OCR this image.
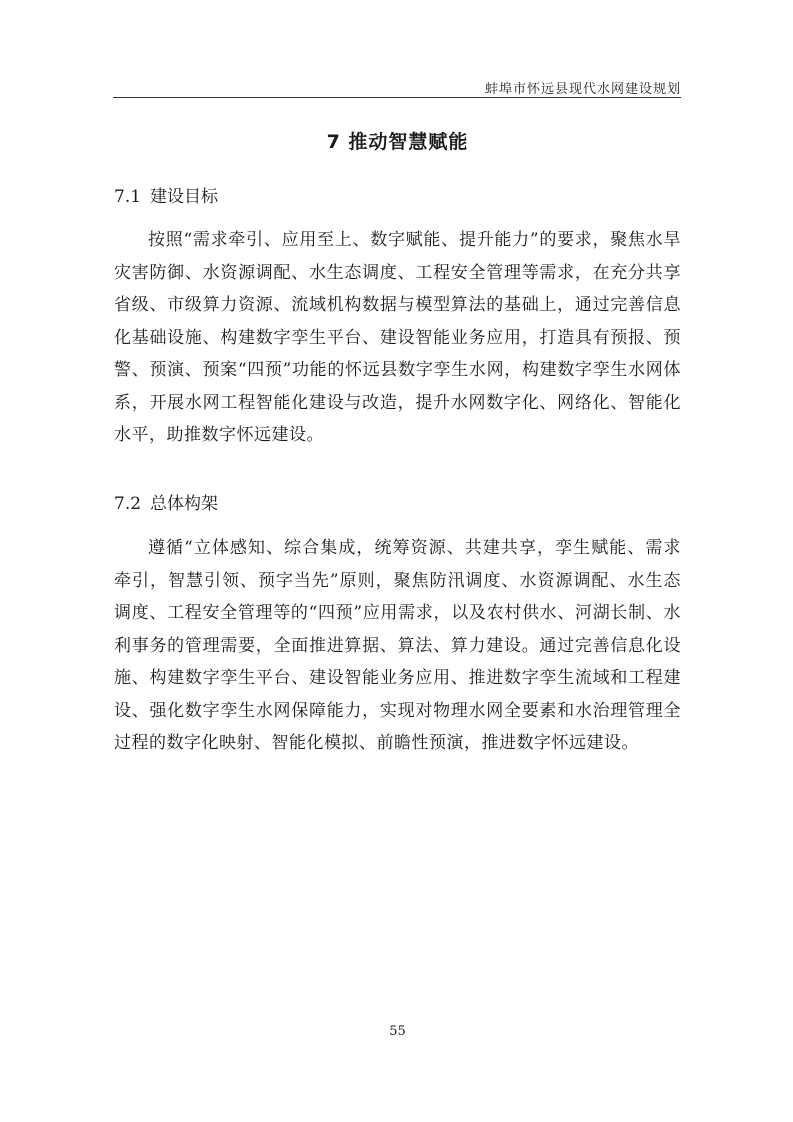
蚌埠市怀远县现代水网建设规划
7 推动智慧赋能
7.1 建设目标

按照“需求牵引、应用至上、数字赋能、提升能力”的要求，聚焦水旱灾害防御、水资源调配、水生态调度、工程安全管理等需求，在充分共享省级、市级算力资源、流域机构数据与模型算法的基础上，通过完善信息化基础设施、构建数字孪生平台、建设智能业务应用，打造具有预报、预警、预演、预案“四预”功能的怀远县数字孪生水网，构建数字孪生水网体系，开展水网工程智能化建设与改造，提升水网数字化、网络化、智能化水平，助推数字怀远建设。

7.2 总体构架

遵循“立体感知、综合集成，统筹资源、共建共享，孪生赋能、需求牵引，智慧引领、预字当先”原则，聚焦防汛调度、水资源调配、水生态调度、工程安全管理等的“四预”应用需求，以及农村供水、河湖长制、水利事务的管理需要，全面推进算据、算法、算力建设。通过完善信息化设施、构建数字孪生平台、建设智能业务应用、推进数字孪生流域和工程建设、强化数字孪生水网保障能力，实现对物理水网全要素和水治理管理全过程的数字化映射、智能化模拟、前瞻性预演，推进数字怀远建设。

55
